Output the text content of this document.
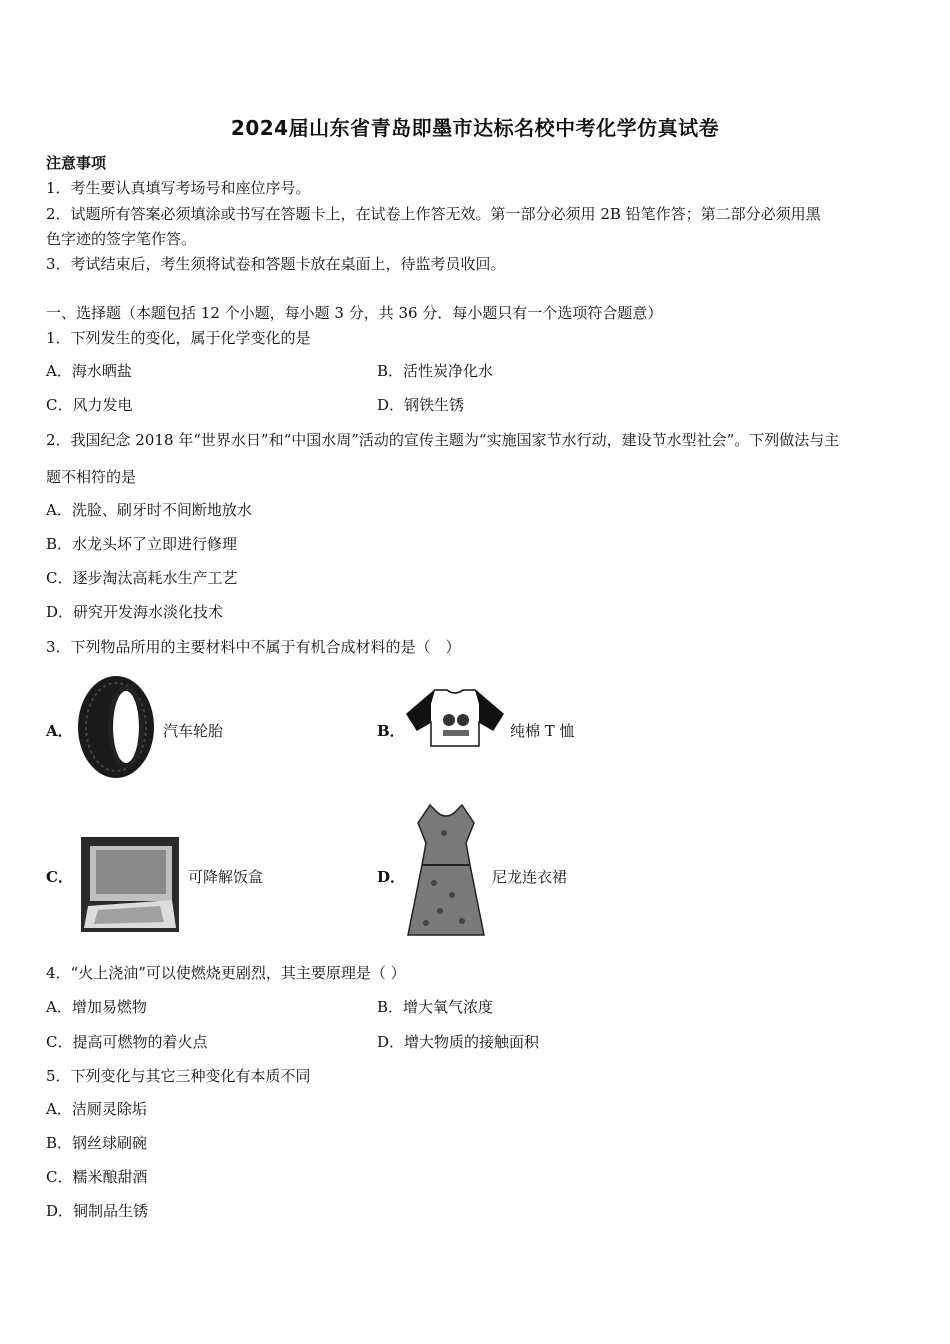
2024届山东省青岛即墨市达标名校中考化学仿真试卷
注意事项
1．考生要认真填写考场号和座位序号。
2．试题所有答案必须填涂或书写在答题卡上，在试卷上作答无效。第一部分必须用 2B 铅笔作答；第二部分必须用黑
色字迹的签字笔作答。
3．考试结束后，考生须将试卷和答题卡放在桌面上，待监考员收回。
一、选择题（本题包括 12 个小题，每小题 3 分，共 36 分．每小题只有一个选项符合题意）
1．下列发生的变化，属于化学变化的是
A．海水晒盐	B．活性炭净化水
C．风力发电	D．钢铁生锈
2．我国纪念 2018 年“世界水日”和“中国水周”活动的宣传主题为“实施国家节水行动，建设节水型社会”。下列做法与主
题不相符的是
A．洗脸、刷牙时不间断地放水
B．水龙头坏了立即进行修理
C．逐步淘汰高耗水生产工艺
D．研究开发海水淡化技术
3．下列物品所用的主要材料中不属于有机合成材料的是（　）
A．	汽车轮胎	B．	纯棉 T 恤
C．	可降解饭盒	D．	尼龙连衣裙
4．“火上浇油”可以使燃烧更剧烈，其主要原理是（ ）
A．增加易燃物	B．增大氧气浓度
C．提高可燃物的着火点	D．增大物质的接触面积
5．下列变化与其它三种变化有本质不同
A．洁厕灵除垢
B．钢丝球刷碗
C．糯米酿甜酒
D．铜制品生锈
